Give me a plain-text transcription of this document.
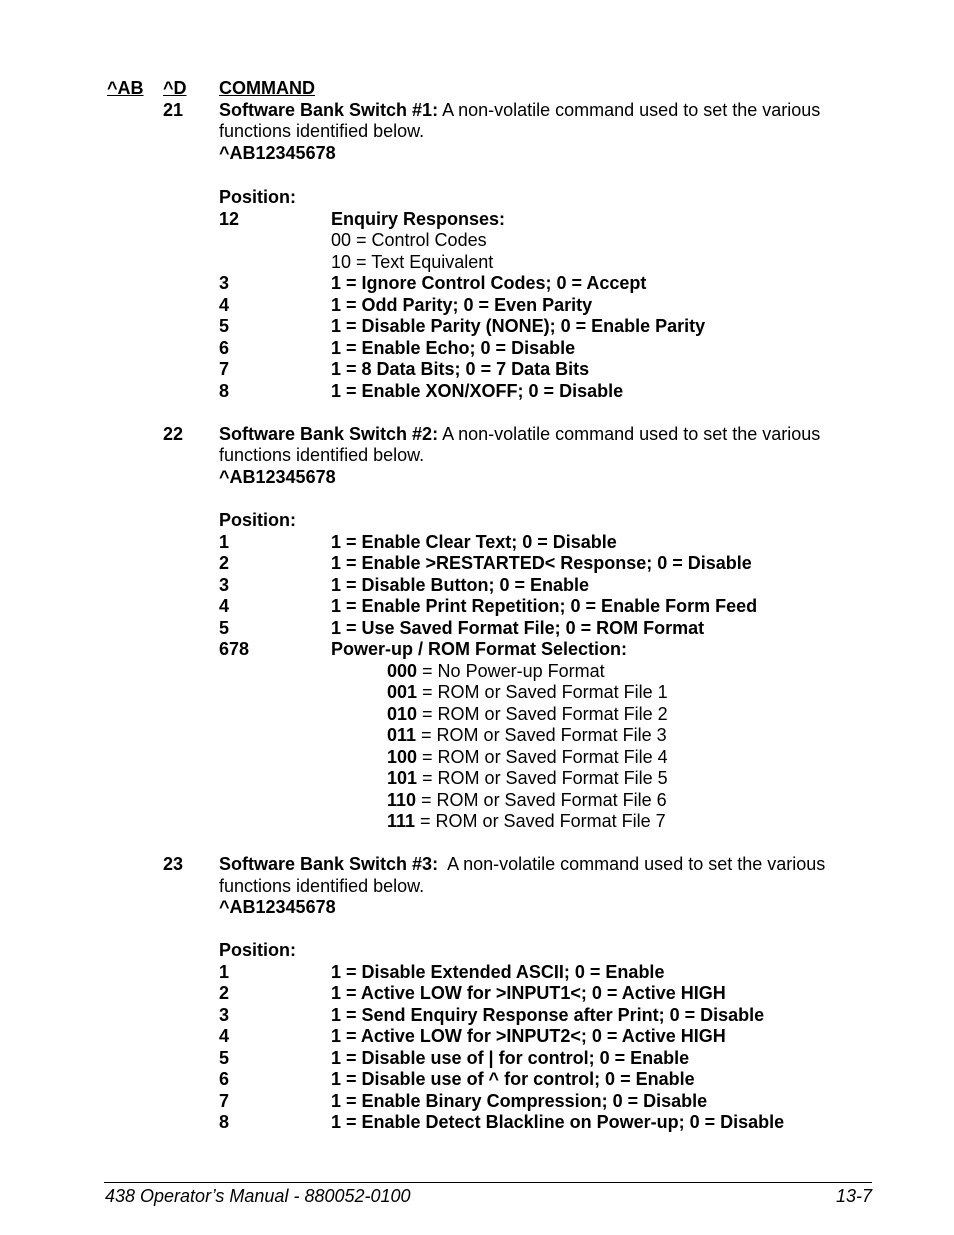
^AB ^D COMMAND
21 Software Bank Switch #1: A non-volatile command used to set the various
functions identified below.
^AB12345678
Position:
12	Enquiry Responses:
00 = Control Codes
10 = Text Equivalent
3	1 = Ignore Control Codes; 0 = Accept
4	1 = Odd Parity; 0 = Even Parity
5	1 = Disable Parity (NONE); 0 = Enable Parity
6	1 = Enable Echo; 0 = Disable
7	1 = 8 Data Bits; 0 = 7 Data Bits
8	1 = Enable XON/XOFF; 0 = Disable
22 Software Bank Switch #2: A non-volatile command used to set the various
functions identified below.
^AB12345678
Position:
1	1 = Enable Clear Text; 0 = Disable
2	1 = Enable >RESTARTED< Response; 0 = Disable
3	1 = Disable Button; 0 = Enable
4	1 = Enable Print Repetition; 0 = Enable Form Feed
5	1 = Use Saved Format File; 0 = ROM Format
678	Power-up / ROM Format Selection:
000 = No Power-up Format
001 = ROM or Saved Format File 1
010 = ROM or Saved Format File 2
011 = ROM or Saved Format File 3
100 = ROM or Saved Format File 4
101 = ROM or Saved Format File 5
110 = ROM or Saved Format File 6
111 = ROM or Saved Format File 7
23 Software Bank Switch #3:  A non-volatile command used to set the various
functions identified below.
^AB12345678
Position:
1	1 = Disable Extended ASCII; 0 = Enable
2	1 = Active LOW for >INPUT1<; 0 = Active HIGH
3	1 = Send Enquiry Response after Print; 0 = Disable
4	1 = Active LOW for >INPUT2<; 0 = Active HIGH
5	1 = Disable use of | for control; 0 = Enable
6	1 = Disable use of ^ for control; 0 = Enable
7	1 = Enable Binary Compression; 0 = Disable
8	1 = Enable Detect Blackline on Power-up; 0 = Disable
438 Operator’s Manual - 880052-0100	13-7
